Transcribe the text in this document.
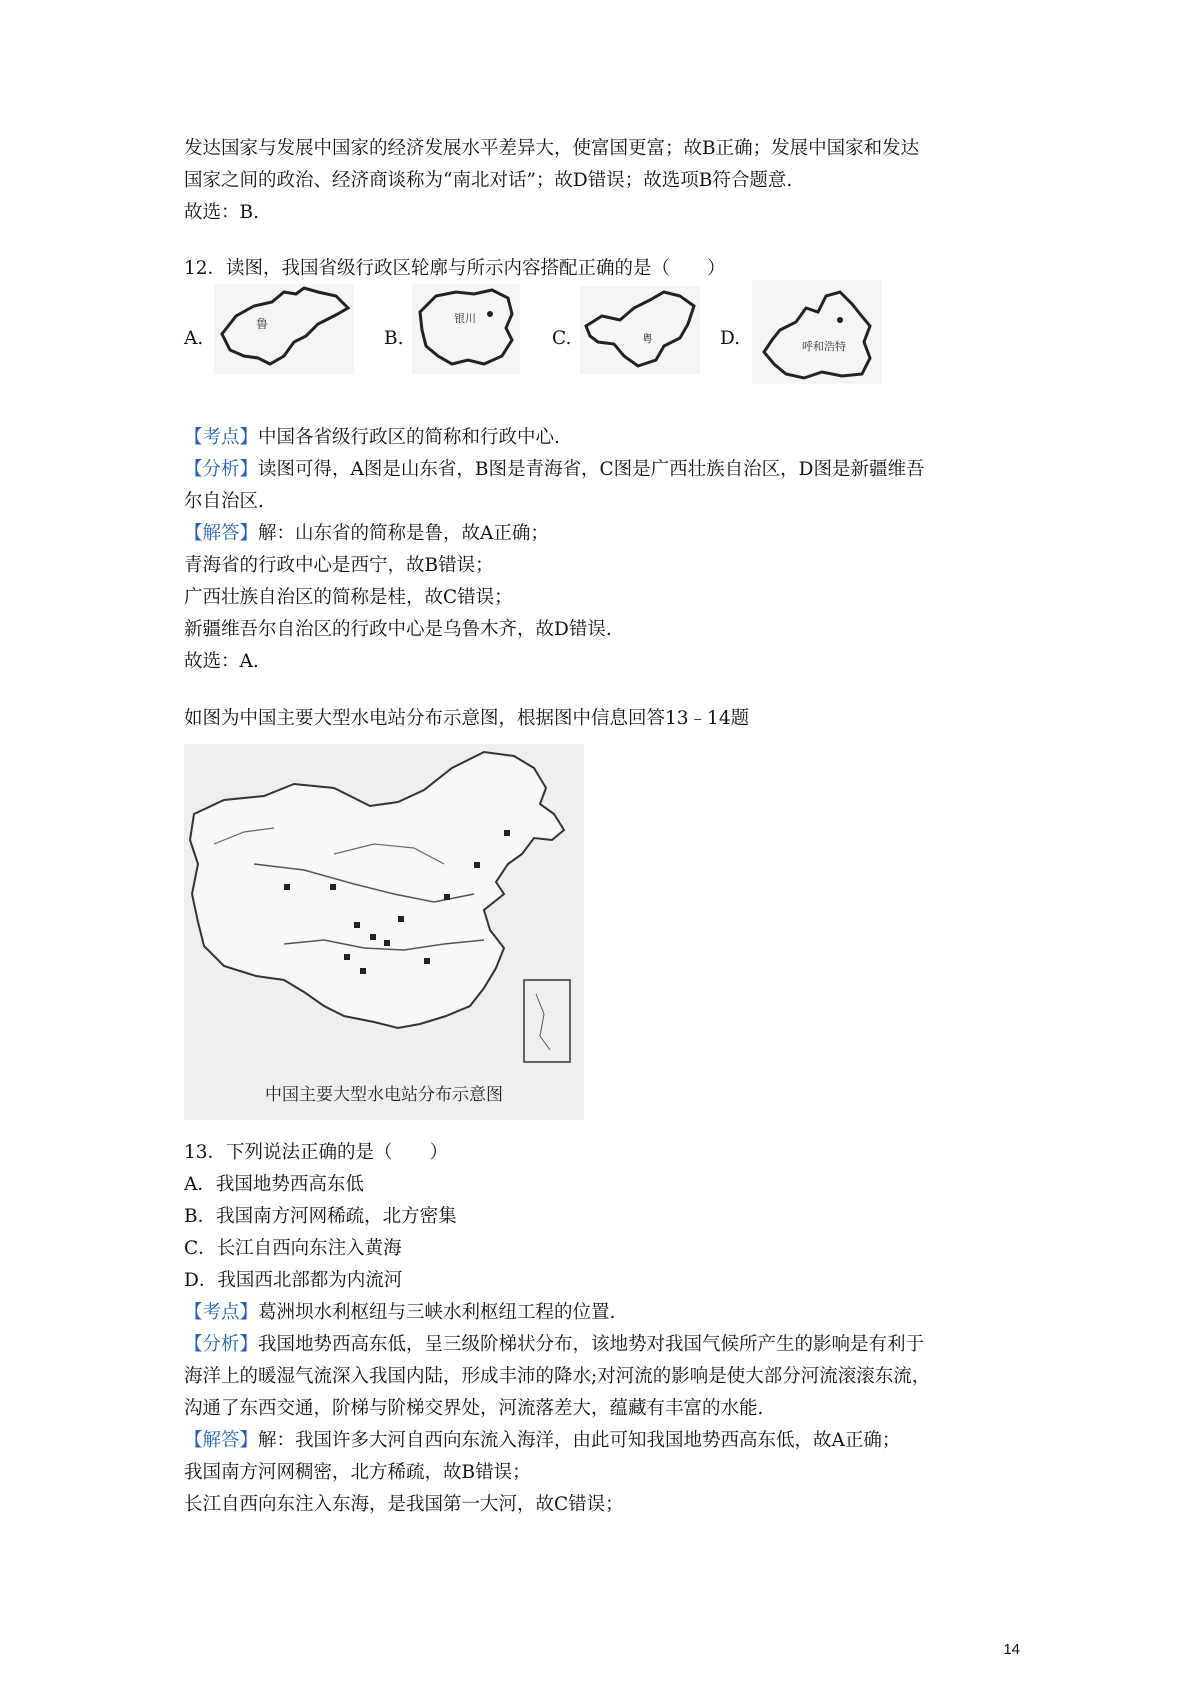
发达国家与发展中国家的经济发展水平差异大，使富国更富；故B正确；发展中国家和发达
国家之间的政治、经济商谈称为“南北对话”；故D错误；故选项B符合题意.
故选：B.
12．读图，我国省级行政区轮廓与所示内容搭配正确的是（　　）
A.
鲁
B.
银川
C.	粤	D.	呼和浩特
【考点】中国各省级行政区的简称和行政中心.
【分析】读图可得，A图是山东省，B图是青海省，C图是广西壮族自治区，D图是新疆维吾
尔自治区.
【解答】解：山东省的简称是鲁，故A正确；
青海省的行政中心是西宁，故B错误；
广西壮族自治区的简称是桂，故C错误；
新疆维吾尔自治区的行政中心是乌鲁木齐，故D错误.
故选：A.
如图为中国主要大型水电站分布示意图，根据图中信息回答13﹣14题
中国主要大型水电站分布示意图
13．下列说法正确的是（　　）
A．我国地势西高东低
B．我国南方河网稀疏，北方密集
C．长江自西向东注入黄海
D．我国西北部都为内流河
【考点】葛洲坝水利枢纽与三峡水利枢纽工程的位置.
【分析】我国地势西高东低，呈三级阶梯状分布，该地势对我国气候所产生的影响是有利于
海洋上的暖湿气流深入我国内陆，形成丰沛的降水;对河流的影响是使大部分河流滚滚东流，
沟通了东西交通，阶梯与阶梯交界处，河流落差大，蕴藏有丰富的水能.
【解答】解：我国许多大河自西向东流入海洋，由此可知我国地势西高东低，故A正确；
我国南方河网稠密，北方稀疏，故B错误；
长江自西向东注入东海，是我国第一大河，故C错误；
14
